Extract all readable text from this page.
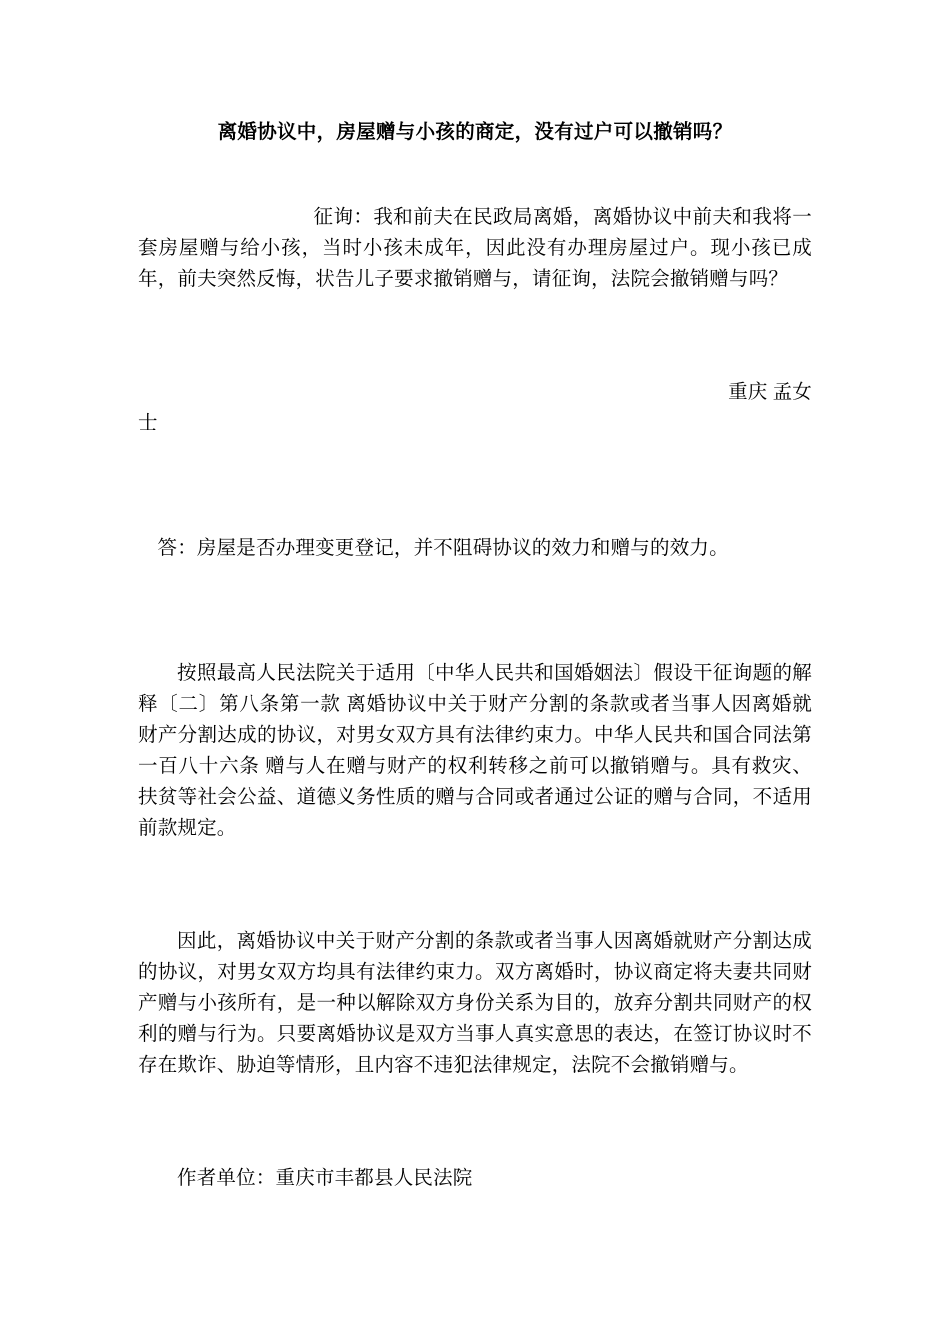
离婚协议中，房屋赠与小孩的商定，没有过户可以撤销吗？

征询：我和前夫在民政局离婚，离婚协议中前夫和我将一套房屋赠与给小孩，当时小孩未成年，因此没有办理房屋过户。现小孩已成年，前夫突然反悔，状告儿子要求撤销赠与，请征询，法院会撤销赠与吗？

重庆 孟女

士

答：房屋是否办理变更登记，并不阻碍协议的效力和赠与的效力。

按照最高人民法院关于适用〔中华人民共和国婚姻法〕假设干征询题的解释〔二〕第八条第一款 离婚协议中关于财产分割的条款或者当事人因离婚就财产分割达成的协议，对男女双方具有法律约束力。中华人民共和国合同法第一百八十六条 赠与人在赠与财产的权利转移之前可以撤销赠与。具有救灾、扶贫等社会公益、道德义务性质的赠与合同或者通过公证的赠与合同，不适用前款规定。

因此，离婚协议中关于财产分割的条款或者当事人因离婚就财产分割达成的协议，对男女双方均具有法律约束力。双方离婚时，协议商定将夫妻共同财产赠与小孩所有，是一种以解除双方身份关系为目的，放弃分割共同财产的权利的赠与行为。只要离婚协议是双方当事人真实意思的表达，在签订协议时不存在欺诈、胁迫等情形，且内容不违犯法律规定，法院不会撤销赠与。

作者单位：重庆市丰都县人民法院
